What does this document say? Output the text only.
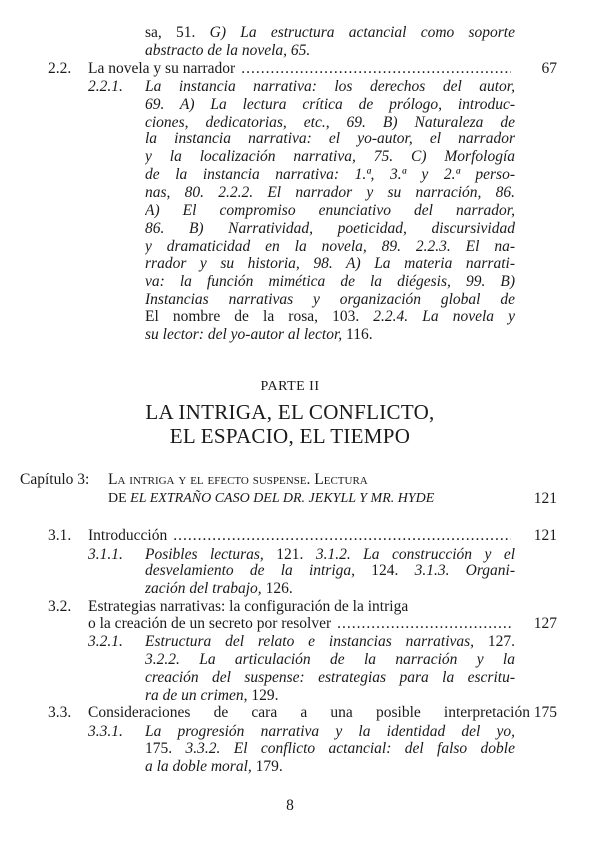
sa, 51. G) La estructura actancial como soporte
abstracto de la novela, 65.
2.2. La novela y su narrador .....	67
2.2.1. La instancia narrativa: los derechos del autor,
69. A) La lectura crítica de prólogo, introduc-
ciones, dedicatorias, etc., 69. B) Naturaleza de
la instancia narrativa: el yo-autor, el narrador
y la localización narrativa, 75. C) Morfología
de la instancia narrativa: 1.ª, 3.ª y 2.ª perso-
nas, 80. 2.2.2. El narrador y su narración, 86.
A) El compromiso enunciativo del narrador,
86. B) Narratividad, poeticidad, discursividad
y dramaticidad en la novela, 89. 2.2.3. El na-
rrador y su historia, 98. A) La materia narrati-
va: la función mimética de la diégesis, 99. B)
Instancias narrativas y organización global de
El nombre de la rosa, 103. 2.2.4. La novela y
su lector: del yo-autor al lector, 116.
3.1. Introducción .....	121
3.1.1. Posibles lecturas, 121. 3.1.2. La construcción y el
desvelamiento de la intriga, 124. 3.1.3. Organi-
zación del trabajo, 126.
3.2. Estrategias narrativas: la configuración de la intriga
o la creación de un secreto por resolver .....	127
3.2.1. Estructura del relato e instancias narrativas, 127.
3.2.2. La articulación de la narración y la
creación del suspense: estrategias para la escritu-
ra de un crimen, 129.
3.3. Consideraciones de cara a una posible interpretación 175
3.3.1. La progresión narrativa y la identidad del yo,
175. 3.3.2. El conflicto actancial: del falso doble
a la doble moral, 179.
PARTE II
LA INTRIGA, EL CONFLICTO,
EL ESPACIO, EL TIEMPO
Capítulo 3: La intriga y el efecto suspense. Lectura
DE EL EXTRAÑO CASO DEL DR. JEKYLL Y MR. HYDE	121
8
